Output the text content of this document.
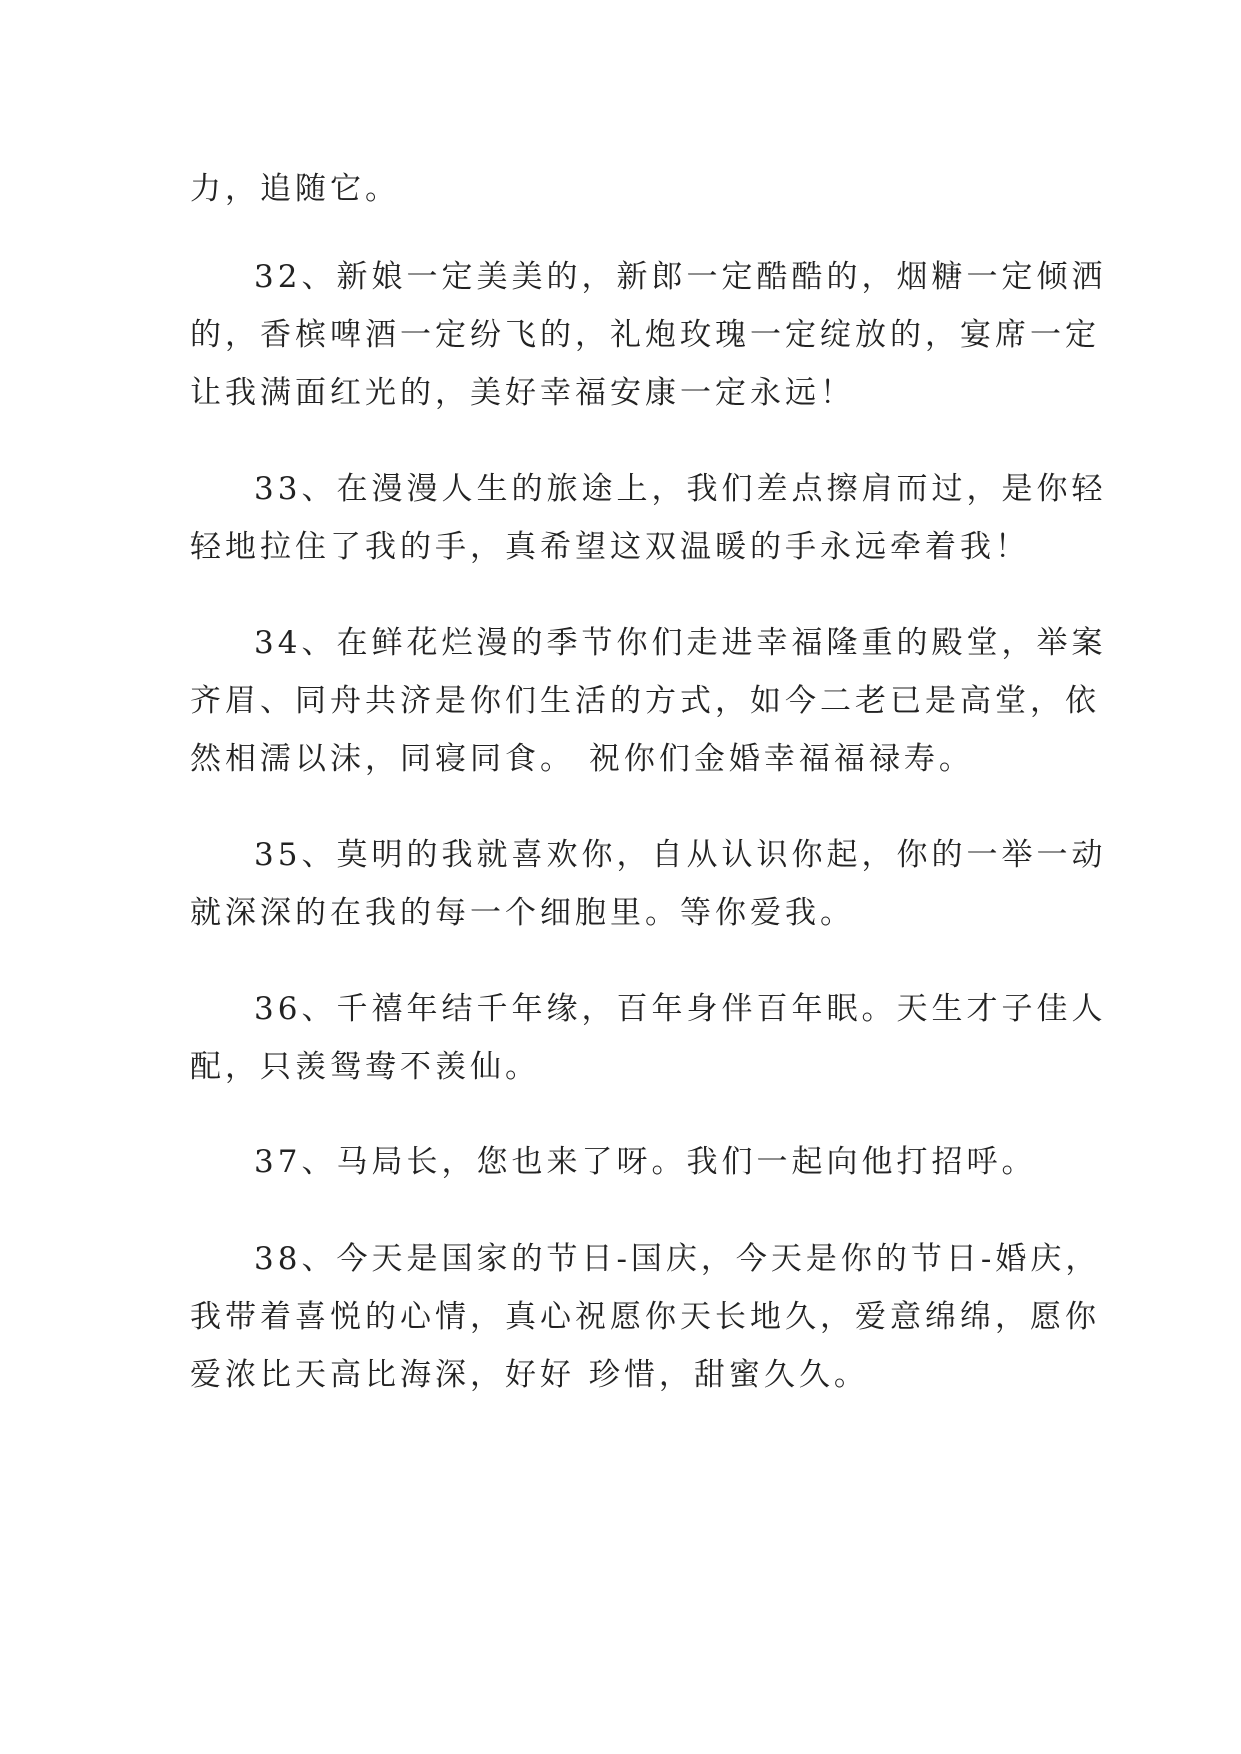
力，追随它。
32、新娘一定美美的，新郎一定酷酷的，烟糖一定倾洒
的，香槟啤酒一定纷飞的，礼炮玫瑰一定绽放的，宴席一定
让我满面红光的，美好幸福安康一定永远！
33、在漫漫人生的旅途上，我们差点擦肩而过，是你轻
轻地拉住了我的手，真希望这双温暖的手永远牵着我！
34、在鲜花烂漫的季节你们走进幸福隆重的殿堂，举案
齐眉、同舟共济是你们生活的方式，如今二老已是高堂，依
然相濡以沫，同寝同食。 祝你们金婚幸福福禄寿。
35、莫明的我就喜欢你，自从认识你起，你的一举一动
就深深的在我的每一个细胞里。等你爱我。
36、千禧年结千年缘，百年身伴百年眠。天生才子佳人
配，只羡鸳鸯不羡仙。
37、马局长，您也来了呀。我们一起向他打招呼。
38、今天是国家的节日-国庆，今天是你的节日-婚庆，
我带着喜悦的心情，真心祝愿你天长地久，爱意绵绵，愿你
爱浓比天高比海深，好好 珍惜，甜蜜久久。
